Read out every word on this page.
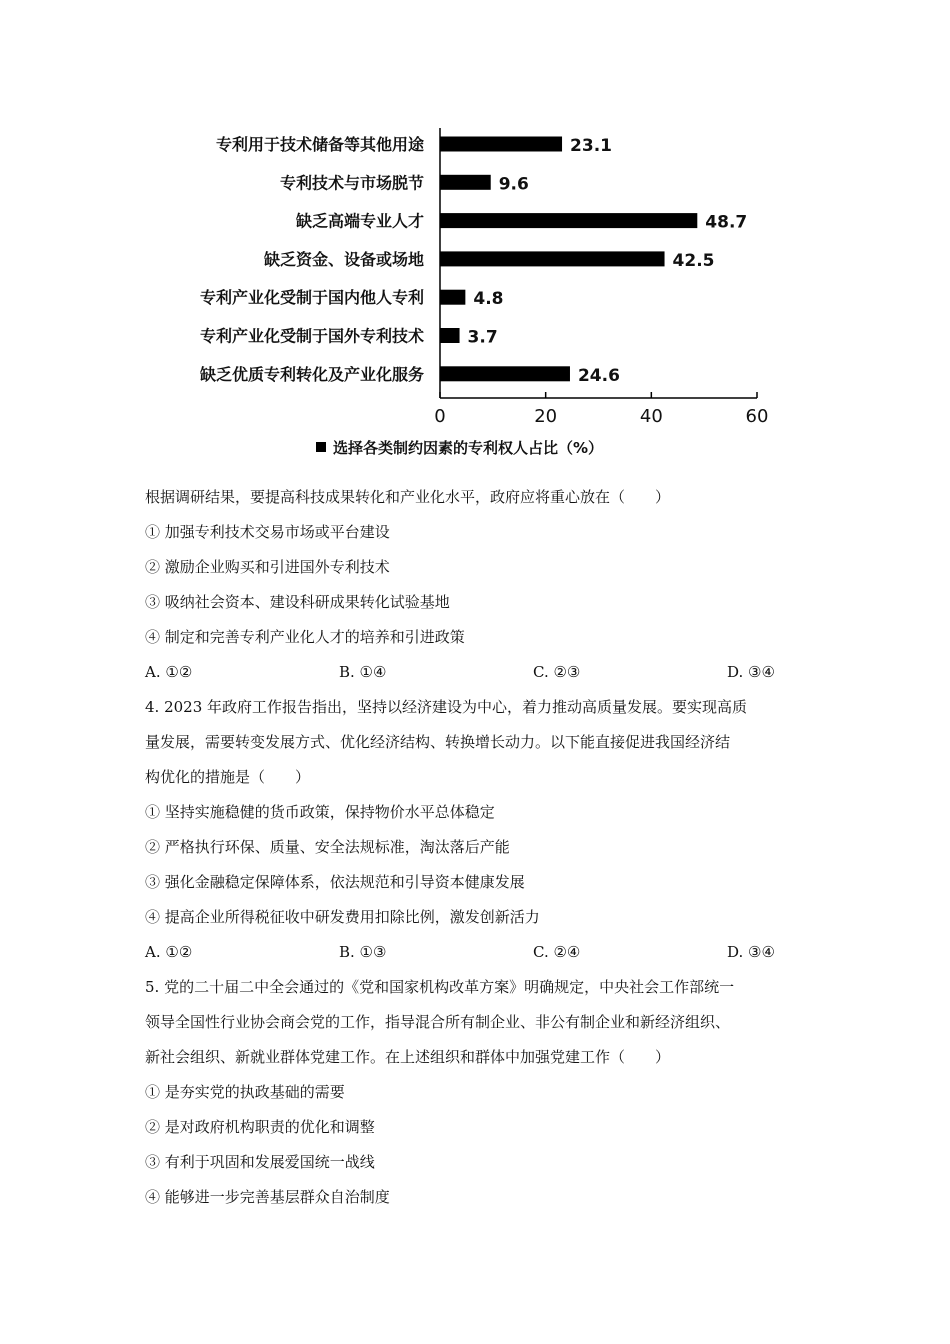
专利用于技术储备等其他用途
专利技术与市场脱节
缺乏高端专业人才
缺乏资金、设备或场地
专利产业化受制于国内他人专利
专利产业化受制于国外专利技术
缺乏优质专利转化及产业化服务
23.1
9.6
48.7
42.5
4.8
3.7
24.6
0	20	40	60
选择各类制约因素的专利权人占比（%）
根据调研结果，要提高科技成果转化和产业化水平，政府应将重心放在（　　）
① 加强专利技术交易市场或平台建设
② 激励企业购买和引进国外专利技术
③ 吸纳社会资本、建设科研成果转化试验基地
④ 制定和完善专利产业化人才的培养和引进政策
A. ①②	B. ①④	C. ②③	D. ③④
4. 2023 年政府工作报告指出，坚持以经济建设为中心，着力推动高质量发展。要实现高质
量发展，需要转变发展方式、优化经济结构、转换增长动力。以下能直接促进我国经济结
构优化的措施是（　　）
① 坚持实施稳健的货币政策，保持物价水平总体稳定
② 严格执行环保、质量、安全法规标准，淘汰落后产能
③ 强化金融稳定保障体系，依法规范和引导资本健康发展
④ 提高企业所得税征收中研发费用扣除比例，激发创新活力
A. ①②	B. ①③	C. ②④	D. ③④
5. 党的二十届二中全会通过的《党和国家机构改革方案》明确规定，中央社会工作部统一
领导全国性行业协会商会党的工作，指导混合所有制企业、非公有制企业和新经济组织、
新社会组织、新就业群体党建工作。在上述组织和群体中加强党建工作（　　）
① 是夯实党的执政基础的需要
② 是对政府机构职责的优化和调整
③ 有利于巩固和发展爱国统一战线
④ 能够进一步完善基层群众自治制度
